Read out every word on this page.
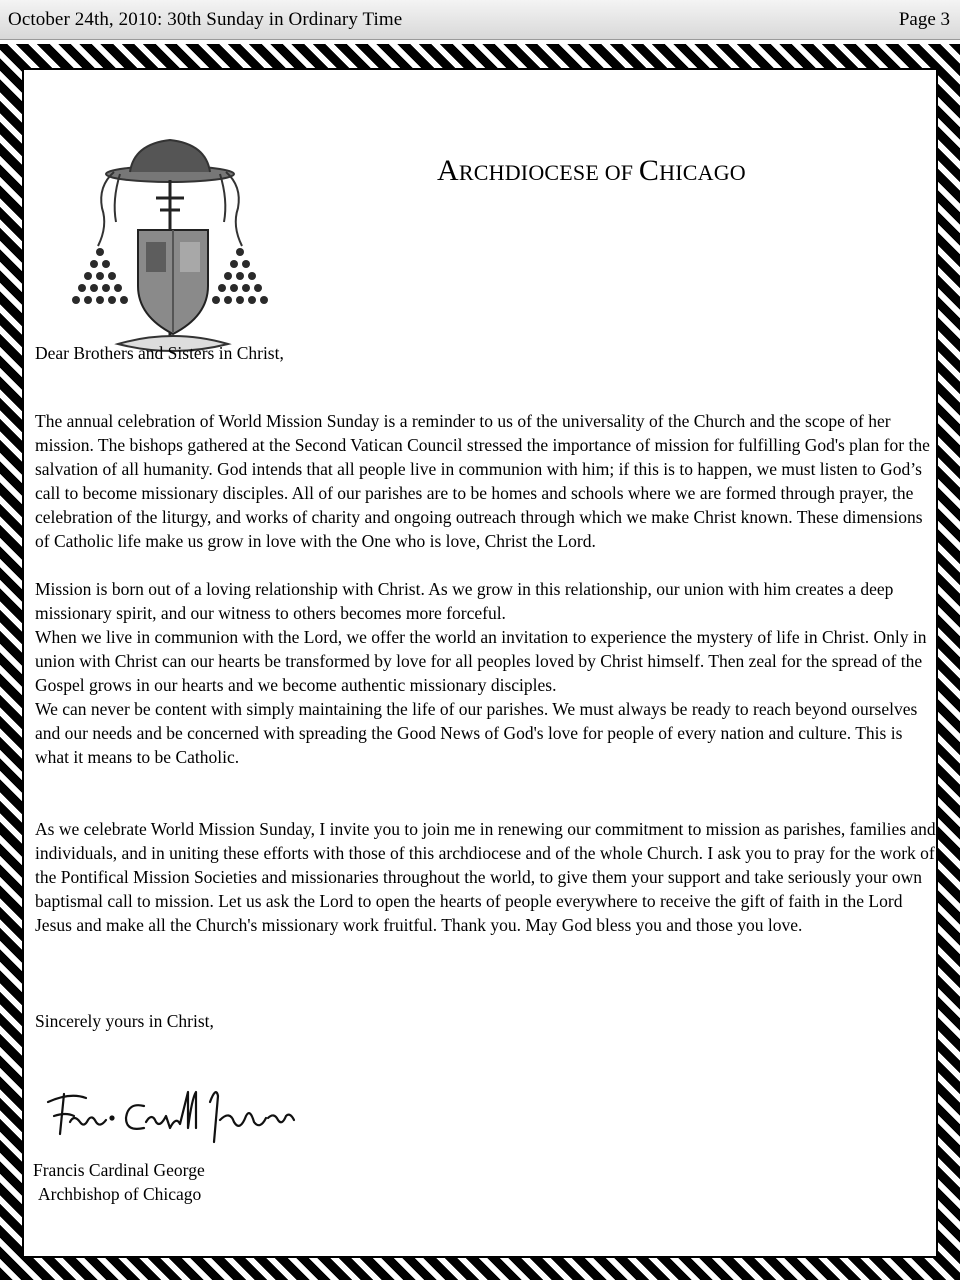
October 24th, 2010: 30th Sunday in Ordinary Time	Page 3
ARCHDIOCESE OF CHICAGO

Dear Brothers and Sisters in Christ,

The annual celebration of World Mission Sunday is a reminder to us of the universality of the Church and the scope of her mission. The bishops gathered at the Second Vatican Council stressed the importance of mission for fulfilling God's plan for the salvation of all humanity. God intends that all people live in communion with him; if this is to happen, we must listen to God’s call to become missionary disciples. All of our parishes are to be homes and schools where we are formed through prayer, the celebration of the liturgy, and works of charity and ongoing outreach through which we make Christ known. These dimensions of Catholic life make us grow in love with the One who is love, Christ the Lord.

Mission is born out of a loving relationship with Christ. As we grow in this relationship, our union with him creates a deep missionary spirit, and our witness to others becomes more forceful.

When we live in communion with the Lord, we offer the world an invitation to experience the mystery of life in Christ. Only in union with Christ can our hearts be transformed by love for all peoples loved by Christ himself. Then zeal for the spread of the Gospel grows in our hearts and we become authentic missionary disciples.

We can never be content with simply maintaining the life of our parishes. We must always be ready to reach beyond ourselves and our needs and be concerned with spreading the Good News of God's love for people of every nation and culture. This is what it means to be Catholic.

As we celebrate World Mission Sunday, I invite you to join me in renewing our commitment to mission as parishes, families and individuals, and in uniting these efforts with those of this archdiocese and of the whole Church. I ask you to pray for the work of the Pontifical Mission Societies and missionaries throughout the world, to give them your support and take seriously your own baptismal call to mission. Let us ask the Lord to open the hearts of people everywhere to receive the gift of faith in the Lord Jesus and make all the Church's missionary work fruitful. Thank you. May God bless you and those you love.

Sincerely yours in Christ,

Francis Cardinal George
Francis Cardinal George
Archbishop of Chicago
